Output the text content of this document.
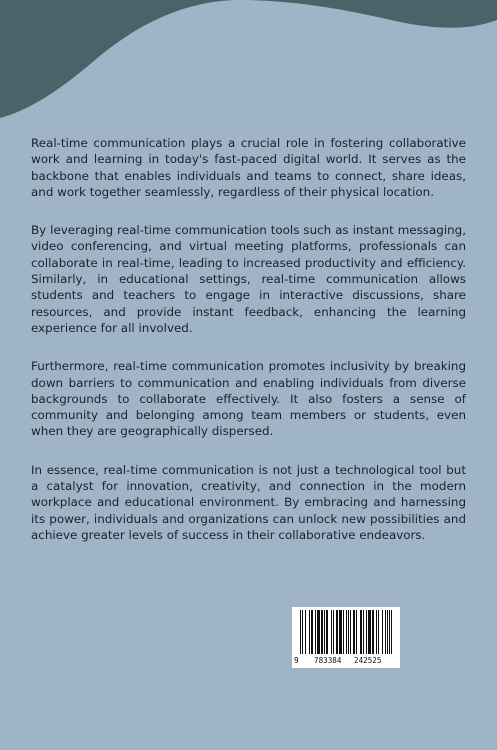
Real-time communication plays a crucial role in fostering collaborative work and learning in today's fast-paced digital world. It serves as the backbone that enables individuals and teams to connect, share ideas, and work together seamlessly, regardless of their physical location.

By leveraging real-time communication tools such as instant messaging, video conferencing, and virtual meeting platforms, professionals can collaborate in real-time, leading to increased productivity and efficiency. Similarly, in educational settings, real-time communication allows students and teachers to engage in interactive discussions, share resources, and provide instant feedback, enhancing the learning experience for all involved.

Furthermore, real-time communication promotes inclusivity by breaking down barriers to communication and enabling individuals from diverse backgrounds to collaborate effectively. It also fosters a sense of community and belonging among team members or students, even when they are geographically dispersed.

In essence, real-time communication is not just a technological tool but a catalyst for innovation, creativity, and connection in the modern workplace and educational environment. By embracing and harnessing its power, individuals and organizations can unlock new possibilities and achieve greater levels of success in their collaborative endeavors.

9 783384 242525
